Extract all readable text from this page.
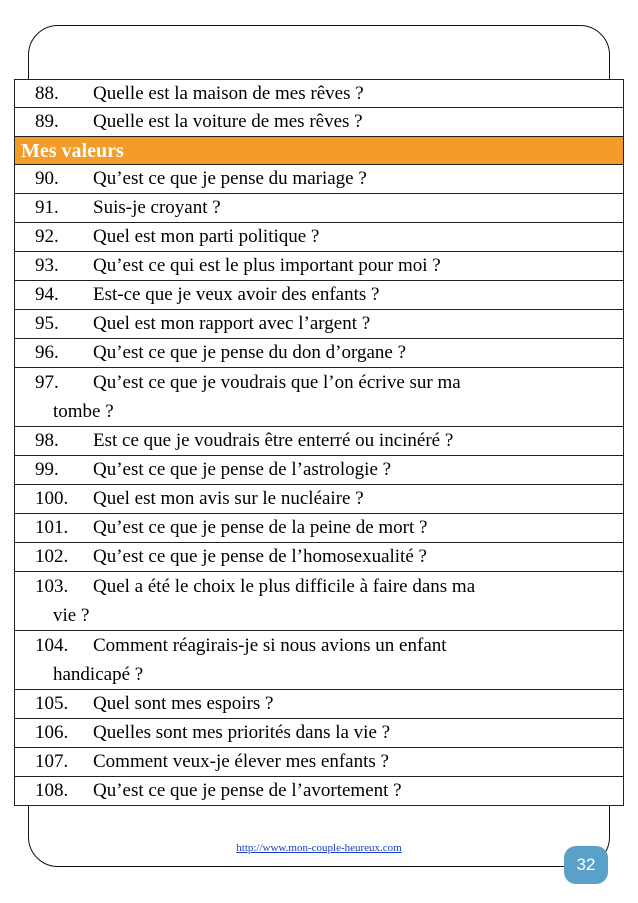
88. Quelle est la maison de mes rêves ?
89. Quelle est la voiture de mes rêves ?
Mes valeurs
90. Qu’est ce que je pense du mariage ?
91. Suis-je croyant ?
92. Quel est mon parti politique ?
93. Qu’est ce qui est le plus important pour moi ?
94. Est-ce que je veux avoir des enfants ?
95. Quel est mon rapport avec l’argent ?
96. Qu’est ce que je pense du don d’organe ?
97. Qu’est ce que je voudrais que l’on écrive sur ma
tombe ?
98. Est ce que je voudrais être enterré ou incinéré ?
99. Qu’est ce que je pense de l’astrologie ?
100. Quel est mon avis sur le nucléaire ?
101. Qu’est ce que je pense de la peine de mort ?
102. Qu’est ce que je pense de l’homosexualité ?
103. Quel a été le choix le plus difficile à faire dans ma
vie ?
104. Comment réagirais-je si nous avions un enfant
handicapé ?
105. Quel sont mes espoirs ?
106. Quelles sont mes priorités dans la vie ?
107. Comment veux-je élever mes enfants ?
108. Qu’est ce que je pense de l’avortement ?
http://www.mon-couple-heureux.com
32
